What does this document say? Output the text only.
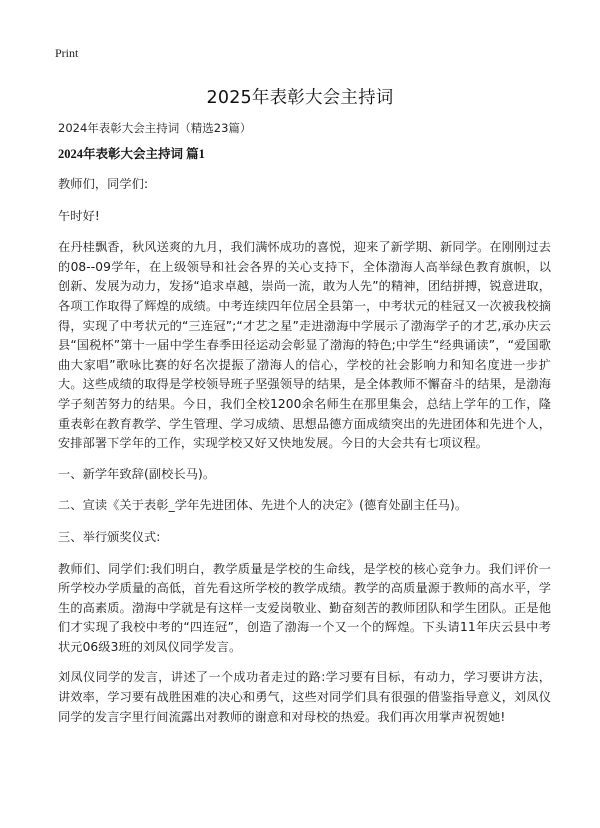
Print
2025年表彰大会主持词

2024年表彰大会主持词（精选23篇）

2024年表彰大会主持词 篇1

教师们，同学们:

午时好!

在丹桂飘香，秋风送爽的九月，我们满怀成功的喜悦，迎来了新学期、新同学。在刚刚过去的08--09学年，在上级领导和社会各界的关心支持下，全体渤海人高举绿色教育旗帜，以创新、发展为动力，发扬“追求卓越，崇尚一流，敢为人先”的精神，团结拼搏，锐意进取，各项工作取得了辉煌的成绩。中考连续四年位居全县第一，中考状元的桂冠又一次被我校摘得，实现了中考状元的“三连冠”;“才艺之星”走进渤海中学展示了渤海学子的才艺,承办庆云县“国税杯”第十一届中学生春季田径运动会彰显了渤海的特色;中学生“经典诵读”，“爱国歌曲大家唱”歌咏比赛的好名次提振了渤海人的信心，学校的社会影响力和知名度进一步扩大。这些成绩的取得是学校领导班子坚强领导的结果，是全体教师不懈奋斗的结果，是渤海学子刻苦努力的结果。今日，我们全校1200余名师生在那里集会，总结上学年的工作，隆重表彰在教育教学、学生管理、学习成绩、思想品德方面成绩突出的先进团体和先进个人，安排部署下学年的工作，实现学校又好又快地发展。今日的大会共有七项议程。

一、新学年致辞(副校长马)。

二、宣读《关于表彰_学年先进团体、先进个人的决定》(德育处副主任马)。

三、举行颁奖仪式:

教师们、同学们:我们明白，教学质量是学校的生命线，是学校的核心竞争力。我们评价一所学校办学质量的高低，首先看这所学校的教学成绩。教学的高质量源于教师的高水平，学生的高素质。渤海中学就是有这样一支爱岗敬业、勤奋刻苦的教师团队和学生团队。正是他们才实现了我校中考的“四连冠”，创造了渤海一个又一个的辉煌。下头请11年庆云县中考状元06级3班的刘凤仪同学发言。

刘凤仪同学的发言，讲述了一个成功者走过的路:学习要有目标，有动力，学习要讲方法，讲效率，学习要有战胜困难的决心和勇气，这些对同学们具有很强的借鉴指导意义，刘凤仪同学的发言字里行间流露出对教师的谢意和对母校的热爱。我们再次用掌声祝贺她!
